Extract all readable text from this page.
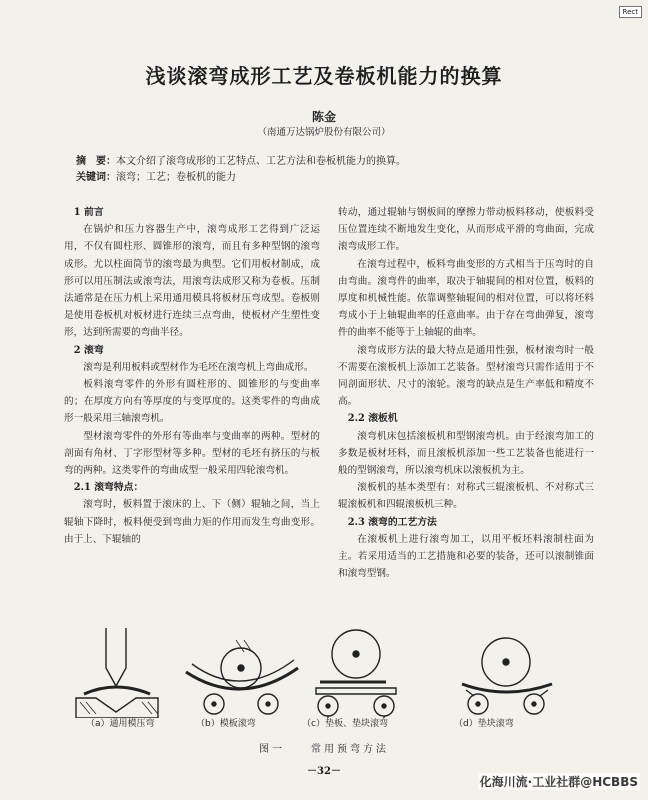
Rect
浅谈滚弯成形工艺及卷板机能力的换算
陈金
（南通万达锅炉股份有限公司）
摘　要：本文介绍了滚弯成形的工艺特点、工艺方法和卷板机能力的换算。
关键词：滚弯；工艺；卷板机的能力
1 前言

在锅炉和压力容器生产中，滚弯成形工艺得到广泛运用，不仅有圆柱形、圆锥形的滚弯，而且有多种型钢的滚弯成形。尤以柱面筒节的滚弯最为典型。它们用板材制成，成形可以用压制法或滚弯法，用滚弯法成形又称为卷板。压制法通常是在压力机上采用通用模具将板材压弯成型。卷板则是使用卷板机对板材进行连续三点弯曲，使板材产生塑性变形，达到所需要的弯曲半径。

2 滚弯

滚弯是利用板料或型材作为毛坯在滚弯机上弯曲成形。

板料滚弯零件的外形有圆柱形的、圆锥形的与变曲率的；在厚度方向有等厚度的与变厚度的。这类零件的弯曲成形一般采用三轴滚弯机。

型材滚弯零件的外形有等曲率与变曲率的两种。型材的剖面有角材、丁字形型材等多种。型材的毛坯有挤压的与板弯的两种。这类零件的弯曲成型一般采用四轮滚弯机。

2.1 滚弯特点：

滚弯时，板料置于滚床的上、下（侧）辊轴之间，当上辊轴下降时，板料便受到弯曲力矩的作用而发生弯曲变形。由于上、下辊轴的

转动，通过辊轴与钢板间的摩擦力带动板料移动，使板料受压位置连续不断地发生变化，从而形成平滑的弯曲面，完成滚弯成形工作。

在滚弯过程中，板料弯曲变形的方式相当于压弯时的自由弯曲。滚弯件的曲率，取决于轴辊间的相对位置，板料的厚度和机械性能。依靠调整轴辊间的相对位置，可以将坯料弯成小于上轴辊曲率的任意曲率。由于存在弯曲弹复，滚弯件的曲率不能等于上轴辊的曲率。

滚弯成形方法的最大特点是通用性强，板材滚弯时一般不需要在滚板机上添加工艺装备。型材滚弯只需作适用于不同剖面形状、尺寸的滚轮。滚弯的缺点是生产率低和精度不高。

2.2 滚板机

滚弯机床包括滚板机和型钢滚弯机。由于经滚弯加工的多数是板材坯料，而且滚板机添加一些工艺装备也能进行一般的型钢滚弯，所以滚弯机床以滚板机为主。

滚板机的基本类型有：对称式三辊滚板机、不对称式三辊滚板机和四辊滚板机三种。

2.3 滚弯的工艺方法

在滚板机上进行滚弯加工，以用平板坯料滚制柱面为主。若采用适当的工艺措施和必要的装备，还可以滚制锥面和滚弯型钢。

（a）通用模压弯	（b）模板滚弯	（c）垫板、垫块滚弯	（d）垫块滚弯
图一　　常用预弯方法
－32－
化海川流·工业社群@HCBBS
